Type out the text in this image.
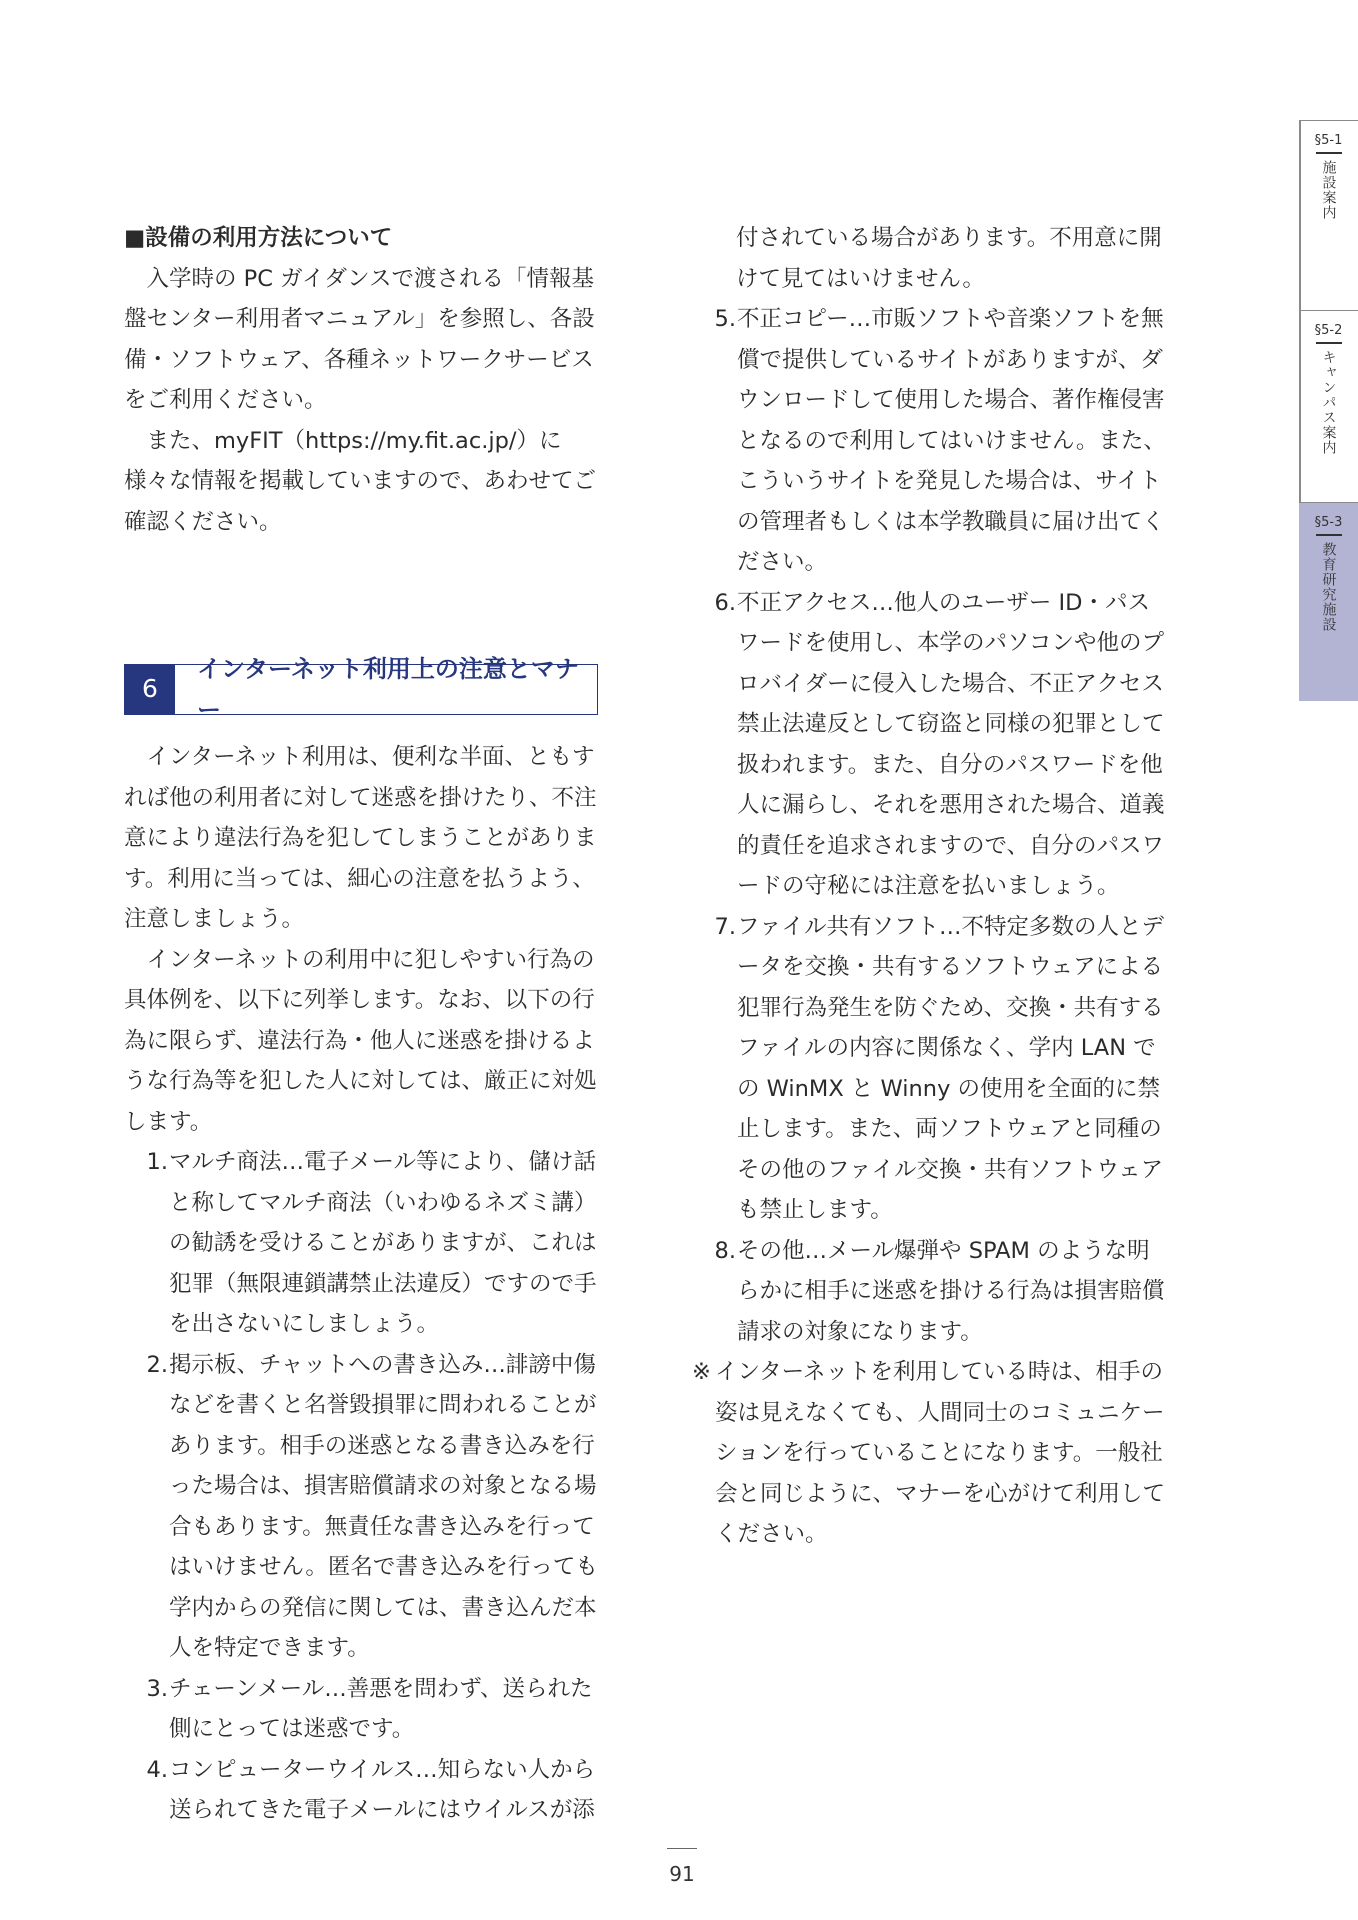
■設備の利用方法について

入学時の PC ガイダンスで渡される「情報基盤センター利用者マニュアル」を参照し、各設備・ソフトウェア、各種ネットワークサービスをご利用ください。

また、myFIT（https://my.fit.ac.jp/）に様々な情報を掲載していますので、あわせてご確認ください。

6
インターネット利用上の注意とマナー

インターネット利用は、便利な半面、ともすれば他の利用者に対して迷惑を掛けたり、不注意により違法行為を犯してしまうことがあります。利用に当っては、細心の注意を払うよう、注意しましょう。

インターネットの利用中に犯しやすい行為の具体例を、以下に列挙します。なお、以下の行為に限らず、違法行為・他人に迷惑を掛けるような行為等を犯した人に対しては、厳正に対処します。

1. マルチ商法…電子メール等により、儲け話と称してマルチ商法（いわゆるネズミ講）の勧誘を受けることがありますが、これは犯罪（無限連鎖講禁止法違反）ですので手を出さないにしましょう。
2. 掲示板、チャットへの書き込み…誹謗中傷などを書くと名誉毀損罪に問われることがあります。相手の迷惑となる書き込みを行った場合は、損害賠償請求の対象となる場合もあります。無責任な書き込みを行ってはいけません。匿名で書き込みを行っても学内からの発信に関しては、書き込んだ本人を特定できます。
3. チェーンメール…善悪を問わず、送られた側にとっては迷惑です。
4. コンピューターウイルス…知らない人から送られてきた電子メールにはウイルスが添

付されている場合があります。不用意に開けて見てはいけません。

5. 不正コピー…市販ソフトや音楽ソフトを無償で提供しているサイトがありますが、ダウンロードして使用した場合、著作権侵害となるので利用してはいけません。また、こういうサイトを発見した場合は、サイトの管理者もしくは本学教職員に届け出てください。
6. 不正アクセス…他人のユーザー ID・パスワードを使用し、本学のパソコンや他のプロバイダーに侵入した場合、不正アクセス禁止法違反として窃盗と同様の犯罪として扱われます。また、自分のパスワードを他人に漏らし、それを悪用された場合、道義的責任を追求されますので、自分のパスワードの守秘には注意を払いましょう。
7. ファイル共有ソフト…不特定多数の人とデータを交換・共有するソフトウェアによる犯罪行為発生を防ぐため、交換・共有するファイルの内容に関係なく、学内 LAN での WinMX と Winny の使用を全面的に禁止します。また、両ソフトウェアと同種のその他のファイル交換・共有ソフトウェアも禁止します。
8. その他…メール爆弾や SPAM のような明らかに相手に迷惑を掛ける行為は損害賠償請求の対象になります。
※ インターネットを利用している時は、相手の姿は見えなくても、人間同士のコミュニケーションを行っていることになります。一般社会と同じように、マナーを心がけて利用してください。
§5-1
施設案内
§5-2
キャンパス案内
§5-3
教育研究施設
91
